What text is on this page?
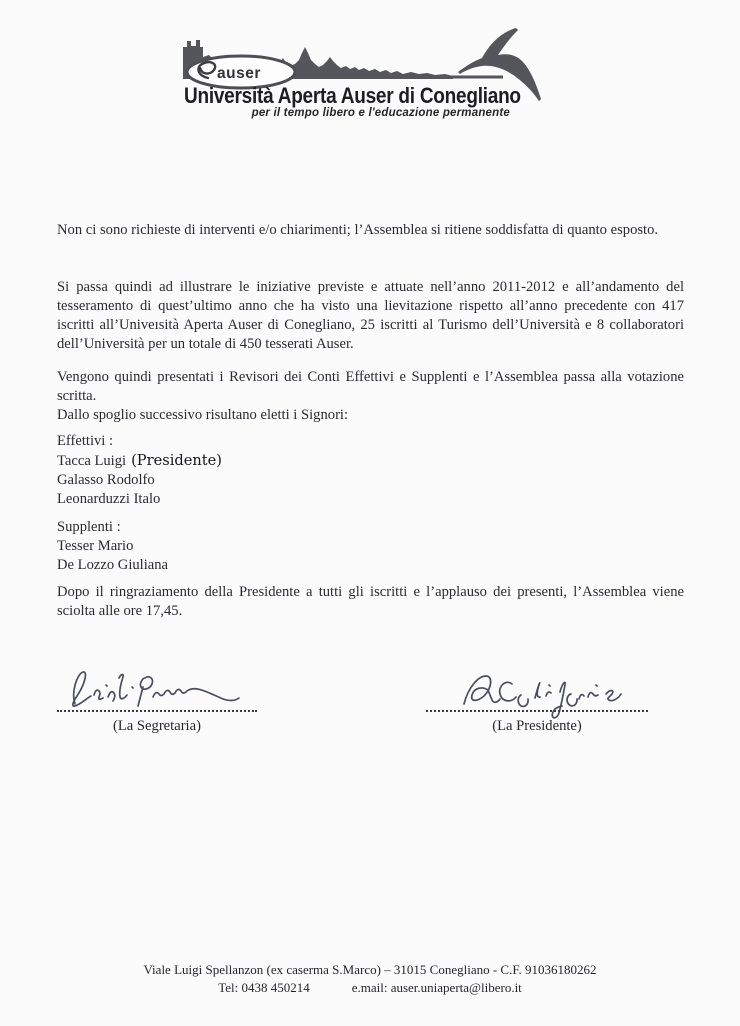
auser
Università Aperta Auser di Conegliano
per il tempo libero e l'educazione permanente
Non ci sono richieste di interventi e/o chiarimenti; l’Assemblea si ritiene soddisfatta di quanto esposto.
Si passa quindi ad illustrare le iniziative previste e attuate nell’anno 2011-2012 e all’andamento del tesseramento di quest’ultimo anno che ha visto una lievitazione rispetto all’anno precedente con 417 iscritti all’Univeısità Aperta Auser di Conegliano, 25 iscritti al Turismo dell’Università e 8 collaboratori dell’Università per un totale di 450 tesserati Auser.
Vengono quindi presentati i Revisori dei Conti Effettivi e Supplenti e l’Assemblea passa alla votazione scritta.
Dallo spoglio successivo risultano eletti i Signori:
Effettivi :
Tacca Luigi (Presidente)
Galasso Rodolfo
Leonarduzzi Italo
Supplenti :
Tesser Mario
De Lozzo Giuliana
Dopo il ringraziamento della Presidente a tutti gli iscritti e l’applauso dei presenti, l’Assemblea viene sciolta alle ore 17,45.
(La Segretaria)	(La Presidente)
Viale Luigi Spellanzon (ex caserma S.Marco) – 31015 Conegliano - C.F. 91036180262
Tel: 0438 450214	e.mail: auser.uniaperta@libero.it
